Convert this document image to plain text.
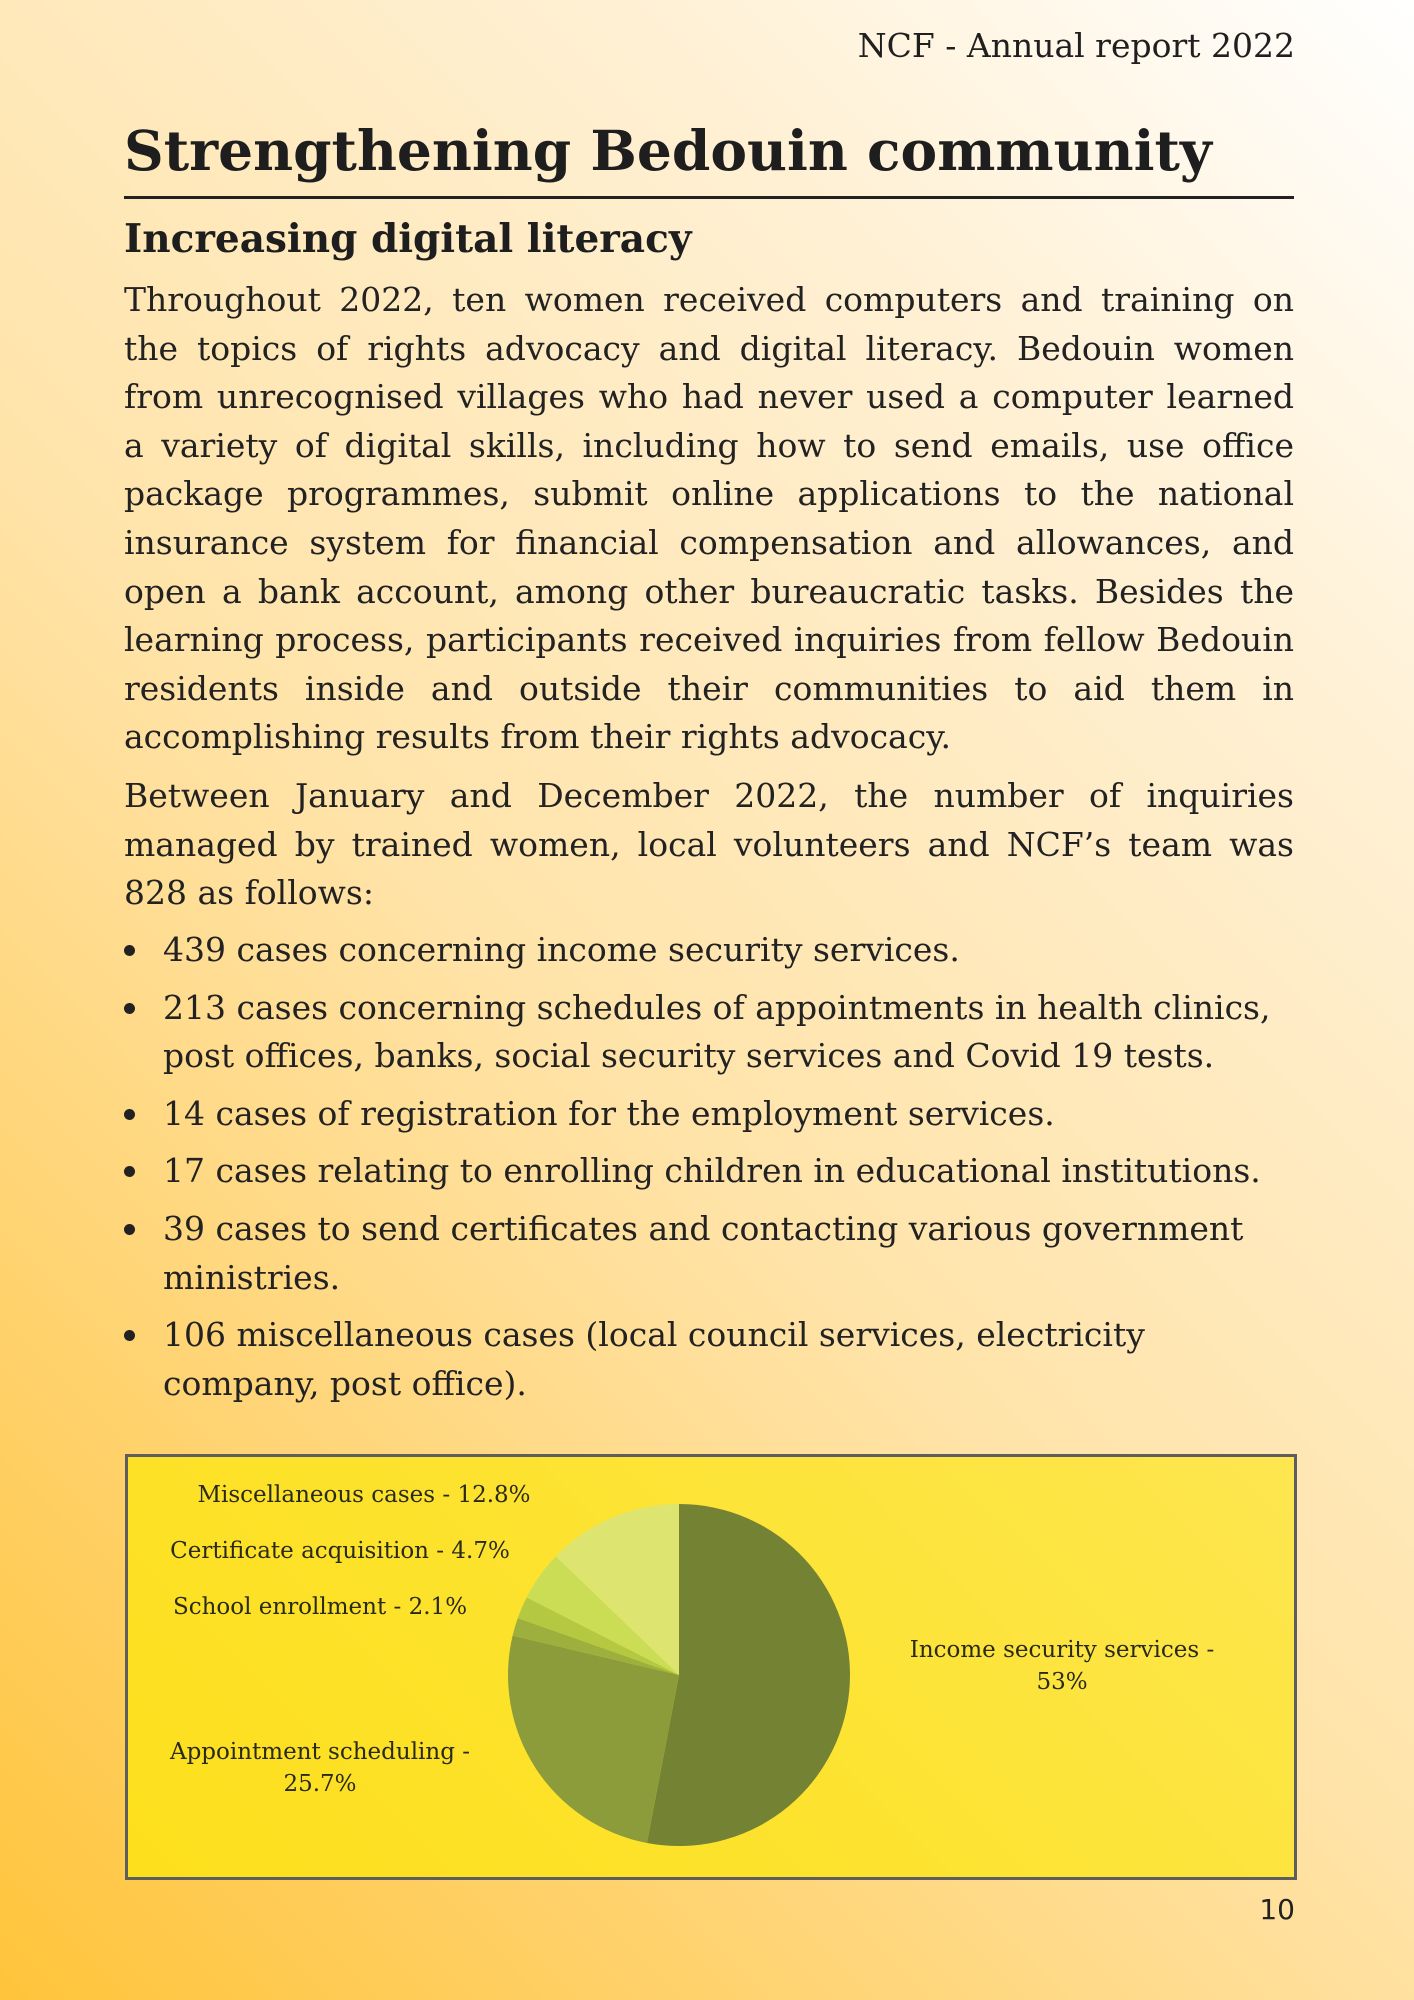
NCF - Annual report 2022
Strengthening Bedouin community
Increasing digital literacy

Throughout 2022, ten women received computers and training on the topics of rights advocacy and digital literacy. Bedouin women from unrecognised villages who had never used a computer learned a variety of digital skills, including how to send emails, use office package programmes, submit online applications to the national insurance system for financial compensation and allowances, and open a bank account, among other bureaucratic tasks. Besides the learning process, participants received inquiries from fellow Bedouin residents inside and outside their communities to aid them in accomplishing results from their rights advocacy.

Between January and December 2022, the number of inquiries managed by trained women, local volunteers and NCF’s team was 828 as follows:

439 cases concerning income security services.
213 cases concerning schedules of appointments in health clinics, post offices, banks, social security services and Covid 19 tests.
14 cases of registration for the employment services.
17 cases relating to enrolling children in educational institutions.
39 cases to send certificates and contacting various government ministries.
106 miscellaneous cases (local council services, electricity company, post office).
Income security services -53%
Appointment scheduling -25.7%
School enrollment - 2.1%
Certificate acquisition - 4.7%
Miscellaneous cases - 12.8%
10
